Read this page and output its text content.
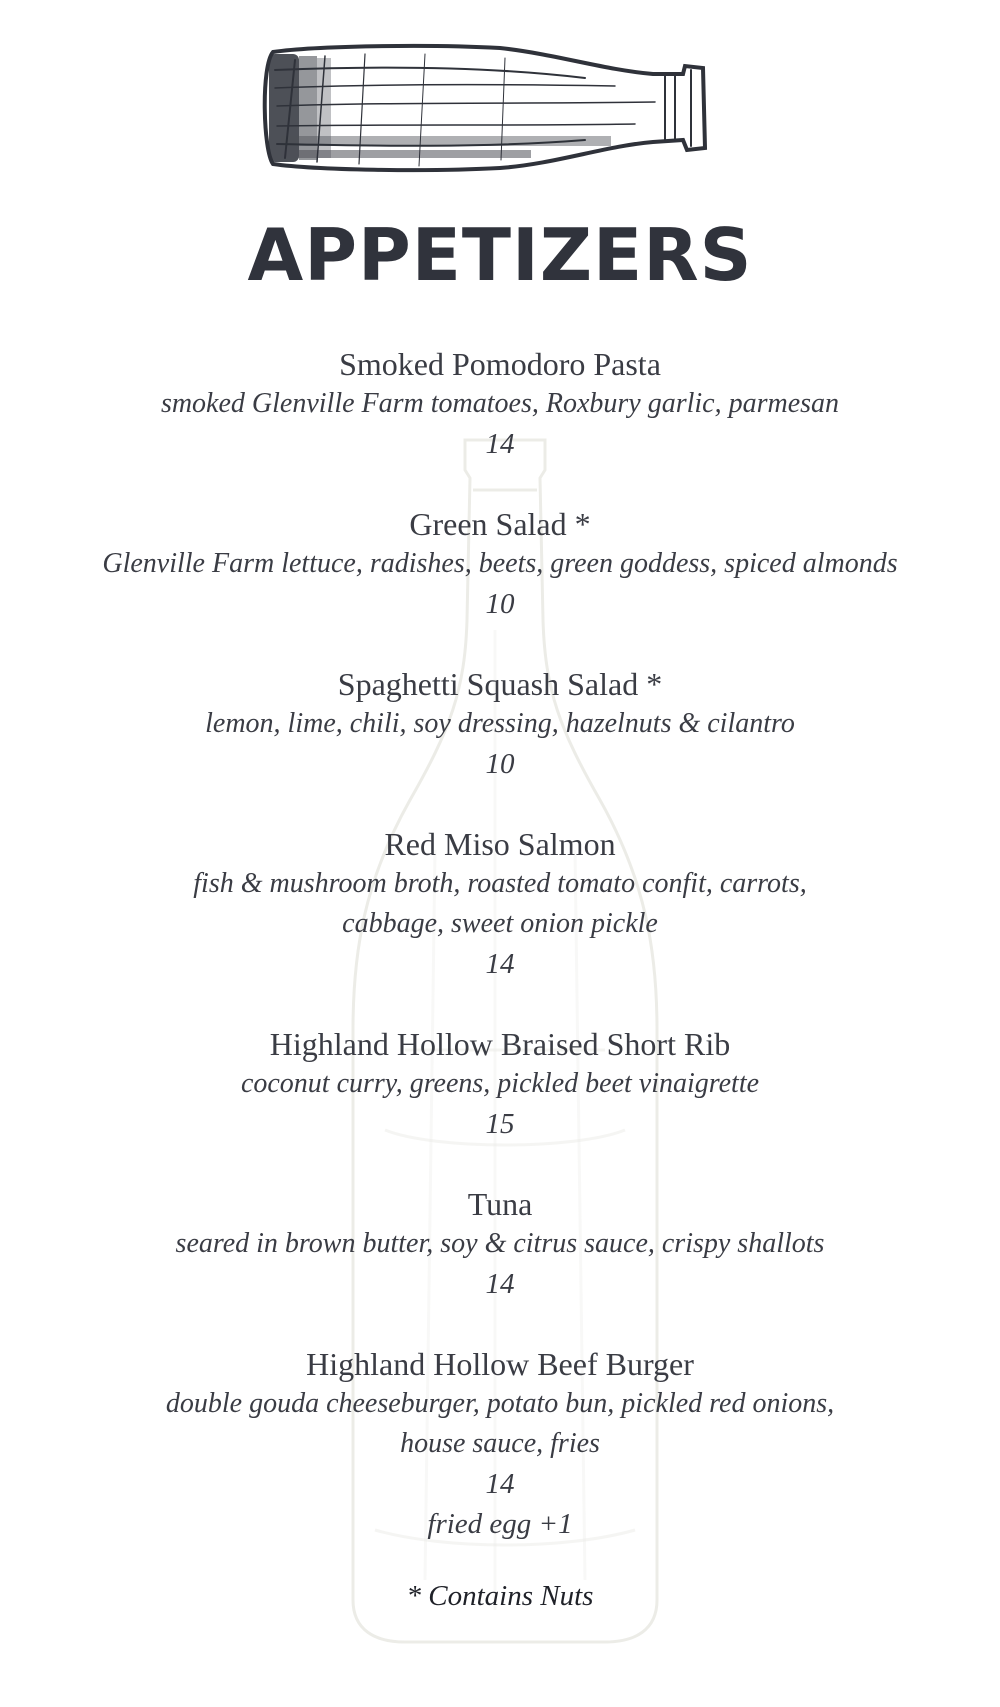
APPETIZERS
Smoked Pomodoro Pasta
smoked Glenville Farm tomatoes, Roxbury garlic, parmesan
14
Green Salad *
Glenville Farm lettuce, radishes, beets, green goddess, spiced almonds
10
Spaghetti Squash Salad *
lemon, lime, chili, soy dressing, hazelnuts & cilantro
10
Red Miso Salmon
fish & mushroom broth, roasted tomato confit, carrots,
cabbage, sweet onion pickle
14
Highland Hollow Braised Short Rib
coconut curry, greens, pickled beet vinaigrette
15
Tuna
seared in brown butter, soy & citrus sauce, crispy shallots
14
Highland Hollow Beef Burger
double gouda cheeseburger, potato bun, pickled red onions,
house sauce, fries
14
fried egg +1
* Contains Nuts
